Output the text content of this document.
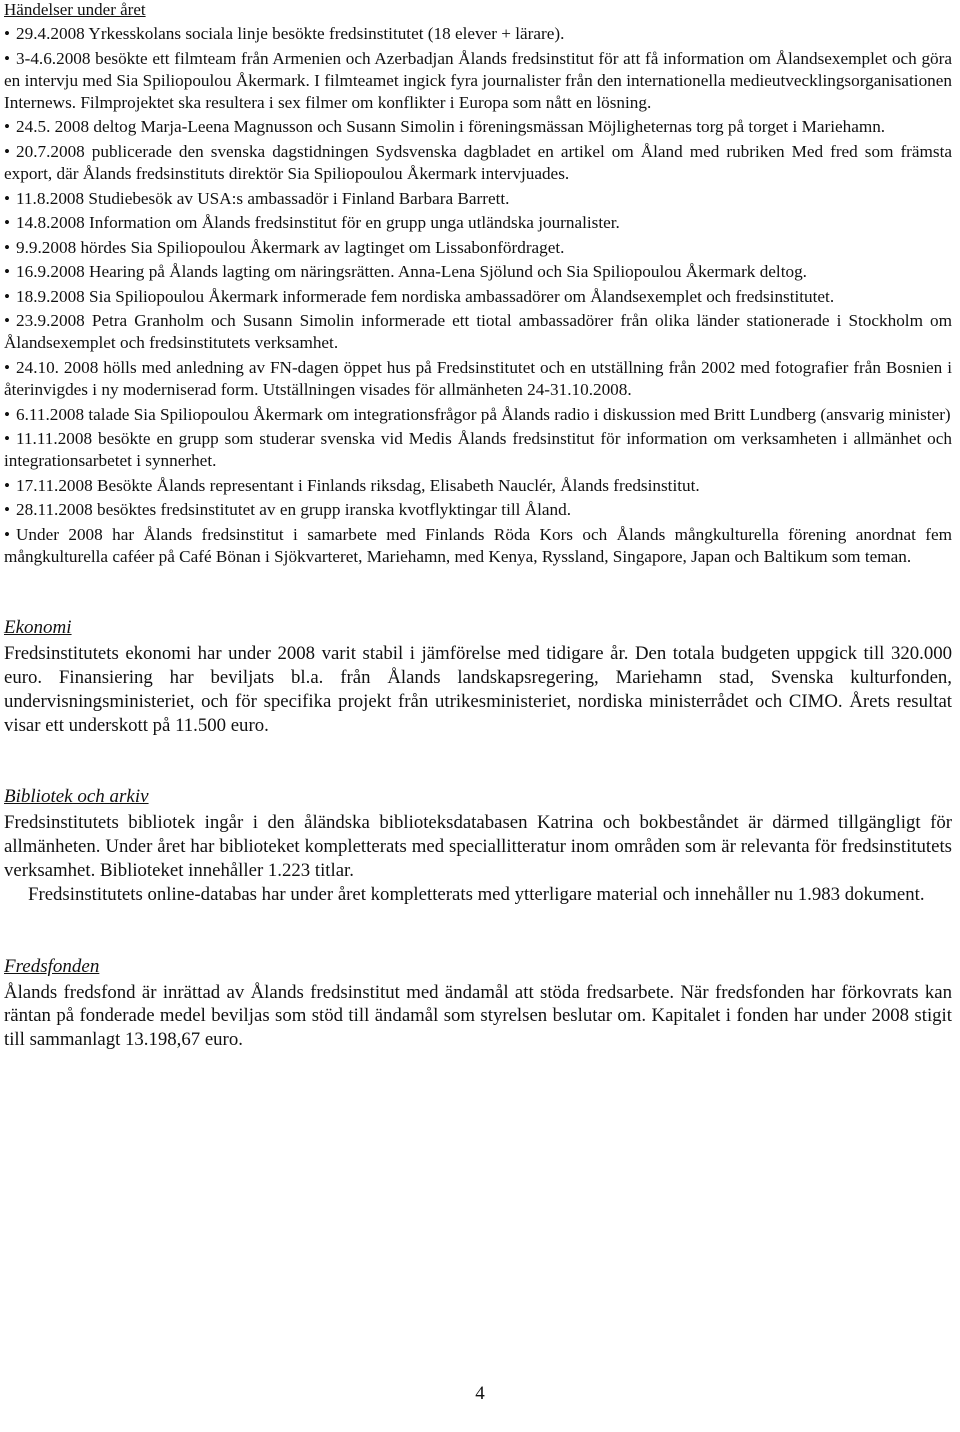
Händelser under året
• 29.4.2008 Yrkesskolans sociala linje besökte fredsinstitutet (18 elever + lärare).
• 3-4.6.2008 besökte ett filmteam från Armenien och Azerbadjan Ålands fredsinstitut för att få information om Ålandsexemplet och göra en intervju med Sia Spiliopoulou Åkermark. I filmteamet ingick fyra journalister från den internationella medieutvecklingsorganisationen Internews. Filmprojektet ska resultera i sex filmer om konflikter i Europa som nått en lösning.
• 24.5. 2008 deltog Marja-Leena Magnusson och Susann Simolin i föreningsmässan Möjligheternas torg på torget i Mariehamn.
• 20.7.2008 publicerade den svenska dagstidningen Sydsvenska dagbladet en artikel om Åland med rubriken Med fred som främsta export, där Ålands fredsinstituts direktör Sia Spiliopoulou Åkermark intervjuades.
• 11.8.2008 Studiebesök av USA:s ambassadör i Finland Barbara Barrett.
• 14.8.2008 Information om Ålands fredsinstitut för en grupp unga utländska journalister.
• 9.9.2008 hördes Sia Spiliopoulou Åkermark av lagtinget om Lissabonfördraget.
• 16.9.2008 Hearing på Ålands lagting om näringsrätten. Anna-Lena Sjölund och Sia Spiliopoulou Åkermark deltog.
• 18.9.2008 Sia Spiliopoulou Åkermark informerade fem nordiska ambassadörer om Ålandsexemplet och fredsinstitutet.
• 23.9.2008 Petra Granholm och Susann Simolin informerade ett tiotal ambassadörer från olika länder stationerade i Stockholm om Ålandsexemplet och fredsinstitutets verksamhet.
• 24.10. 2008 hölls med anledning av FN-dagen öppet hus på Fredsinstitutet och en utställning från 2002 med fotografier från Bosnien i återinvigdes i ny moderniserad form. Utställningen visades för allmänheten 24-31.10.2008.
• 6.11.2008 talade Sia Spiliopoulou Åkermark om integrationsfrågor på Ålands radio i diskussion med Britt Lundberg (ansvarig minister)
• 11.11.2008 besökte en grupp som studerar svenska vid Medis Ålands fredsinstitut för information om verksamheten i allmänhet och integrationsarbetet i synnerhet.
• 17.11.2008 Besökte Ålands representant i Finlands riksdag, Elisabeth Nauclér, Ålands fredsinstitut.
• 28.11.2008 besöktes fredsinstitutet av en grupp iranska kvotflyktingar till Åland.
• Under 2008 har Ålands fredsinstitut i samarbete med Finlands Röda Kors och Ålands mångkulturella förening anordnat fem mångkulturella caféer på Café Bönan i Sjökvarteret, Mariehamn, med Kenya, Ryssland, Singapore, Japan och Baltikum som teman.
Ekonomi

Fredsinstitutets ekonomi har under 2008 varit stabil i jämförelse med tidigare år. Den totala budgeten uppgick till 320.000 euro. Finansiering har beviljats bl.a. från Ålands landskapsregering, Mariehamn stad, Svenska kulturfonden, undervisningsministeriet, och för specifika projekt från utrikesministeriet, nordiska ministerrådet och CIMO. Årets resultat visar ett underskott på 11.500 euro.

Bibliotek och arkiv

Fredsinstitutets bibliotek ingår i den åländska biblioteksdatabasen Katrina och bokbeståndet är därmed tillgängligt för allmänheten. Under året har biblioteket kompletterats med speciallitteratur inom områden som är relevanta för fredsinstitutets verksamhet. Biblioteket innehåller 1.223 titlar.

Fredsinstitutets online-databas har under året kompletterats med ytterligare material och innehåller nu 1.983 dokument.

Fredsfonden

Ålands fredsfond är inrättad av Ålands fredsinstitut med ändamål att stöda fredsarbete. När fredsfonden har förkovrats kan räntan på fonderade medel beviljas som stöd till ändamål som styrelsen beslutar om. Kapitalet i fonden har under 2008 stigit till sammanlagt 13.198,67 euro.

4
